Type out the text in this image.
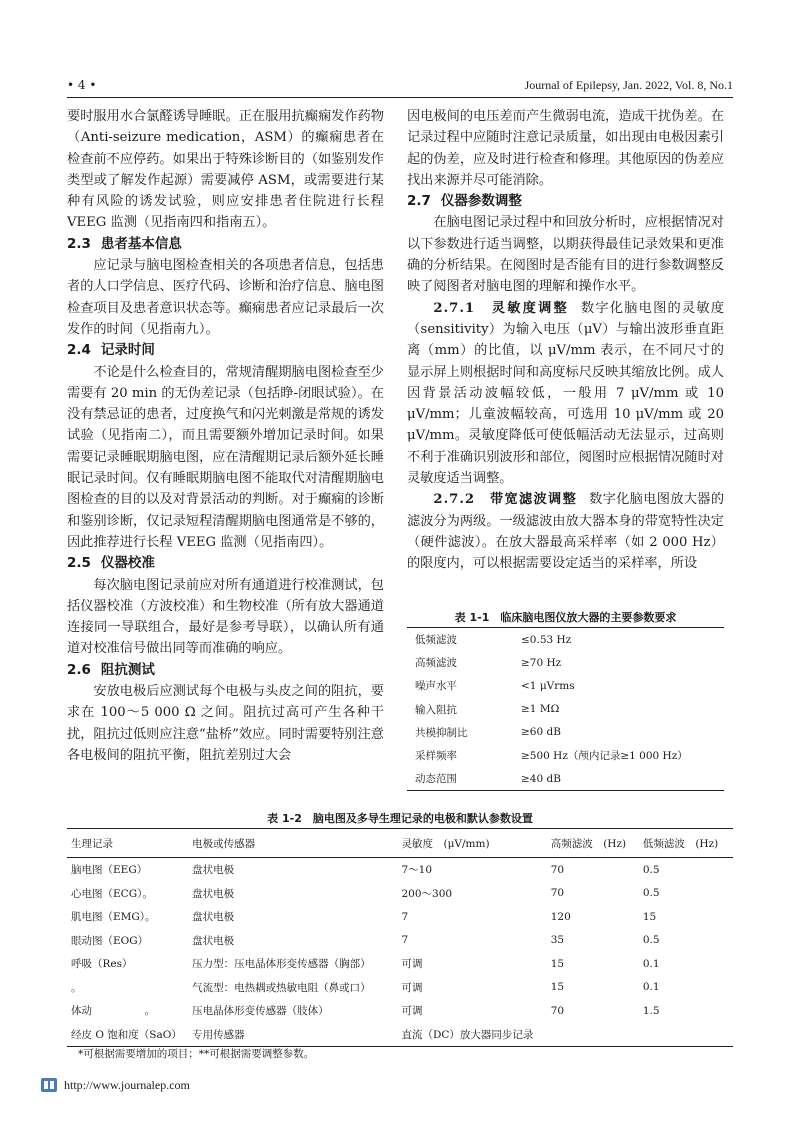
• 4 •	Journal of Epilepsy, Jan. 2022, Vol. 8, No.1

要时服用水合氯醛诱导睡眠。正在服用抗癫痫发作药物（Anti-seizure medication，ASM）的癫痫患者在检查前不应停药。如果出于特殊诊断目的（如鉴别发作类型或了解发作起源）需要减停 ASM，或需要进行某种有风险的诱发试验，则应安排患者住院进行长程 VEEG 监测（见指南四和指南五）。

2.3 患者基本信息

应记录与脑电图检查相关的各项患者信息，包括患者的人口学信息、医疗代码、诊断和治疗信息、脑电图检查项目及患者意识状态等。癫痫患者应记录最后一次发作的时间（见指南九）。

2.4 记录时间

不论是什么检查目的，常规清醒期脑电图检查至少需要有 20 min 的无伪差记录（包括睁-闭眼试验）。在没有禁忌证的患者，过度换气和闪光刺激是常规的诱发试验（见指南二），而且需要额外增加记录时间。如果需要记录睡眠期脑电图，应在清醒期记录后额外延长睡眠记录时间。仅有睡眠期脑电图不能取代对清醒期脑电图检查的目的以及对背景活动的判断。对于癫痫的诊断和鉴别诊断，仅记录短程清醒期脑电图通常是不够的，因此推荐进行长程 VEEG 监测（见指南四）。

2.5 仪器校准

每次脑电图记录前应对所有通道进行校准测试，包括仪器校准（方波校准）和生物校准（所有放大器通道连接同一导联组合，最好是参考导联），以确认所有通道对校准信号做出同等而准确的响应。

2.6 阻抗测试

安放电极后应测试每个电极与头皮之间的阻抗，要求在 100～5 000 Ω 之间。阻抗过高可产生各种干扰，阻抗过低则应注意“盐桥”效应。同时需要特别注意各电极间的阻抗平衡，阻抗差别过大会

因电极间的电压差而产生微弱电流，造成干扰伪差。在记录过程中应随时注意记录质量，如出现由电极因素引起的伪差，应及时进行检查和修理。其他原因的伪差应找出来源并尽可能消除。

2.7 仪器参数调整

在脑电图记录过程中和回放分析时，应根据情况对以下参数进行适当调整，以期获得最佳记录效果和更准确的分析结果。在阅图时是否能有目的进行参数调整反映了阅图者对脑电图的理解和操作水平。

2.7.1　灵敏度调整 数字化脑电图的灵敏度（sensitivity）为输入电压（μV）与输出波形垂直距离（mm）的比值，以 μV/mm 表示，在不同尺寸的显示屏上则根据时间和高度标尺反映其缩放比例。成人因背景活动波幅较低，一般用 7 μV/mm 或 10 μV/mm；儿童波幅较高，可选用 10 μV/mm 或 20 μV/mm。灵敏度降低可使低幅活动无法显示，过高则不利于准确识别波形和部位，阅图时应根据情况随时对灵敏度适当调整。

2.7.2　带宽滤波调整 数字化脑电图放大器的滤波分为两级。一级滤波由放大器本身的带宽特性决定（硬件滤波）。在放大器最高采样率（如 2 000 Hz）的限度内，可以根据需要设定适当的采样率，所设

表 1-1　临床脑电图仪放大器的主要参数要求
低频滤波	≤0.53 Hz
高频滤波	≥70 Hz
噪声水平	<1 μVrms
输入阻抗	≥1 MΩ
共模抑制比	≥60 dB
采样频率	≥500 Hz（颅内记录≥1 000 Hz）
动态范围	≥40 dB
表 1-2　脑电图及多导生理记录的电极和默认参数设置
生理记录	电极或传感器	灵敏度　(μV/mm)	高频滤波　(Hz)	低频滤波　(Hz)
脑电图（EEG）	盘状电极	7～10	70	0.5
心电图（ECG）。	盘状电极	200～300	70	0.5
肌电图（EMG）。	盘状电极	7	120	15
眼动图（EOG）	盘状电极	7	35	0.5
呼吸（Res）	压力型：压电晶体形变传感器（胸部）	可调	15	0.1
。	气流型：电热耦或热敏电阻（鼻或口）	可调	15	0.1
体动　　　　　。	压电晶体形变传感器（肢体）	可调	70	1.5
经皮 O 饱和度（SaO）	专用传感器	直流（DC）放大器同步记录		
*可根据需要增加的项目；**可根据需要调整参数。
http://www.journalep.com
